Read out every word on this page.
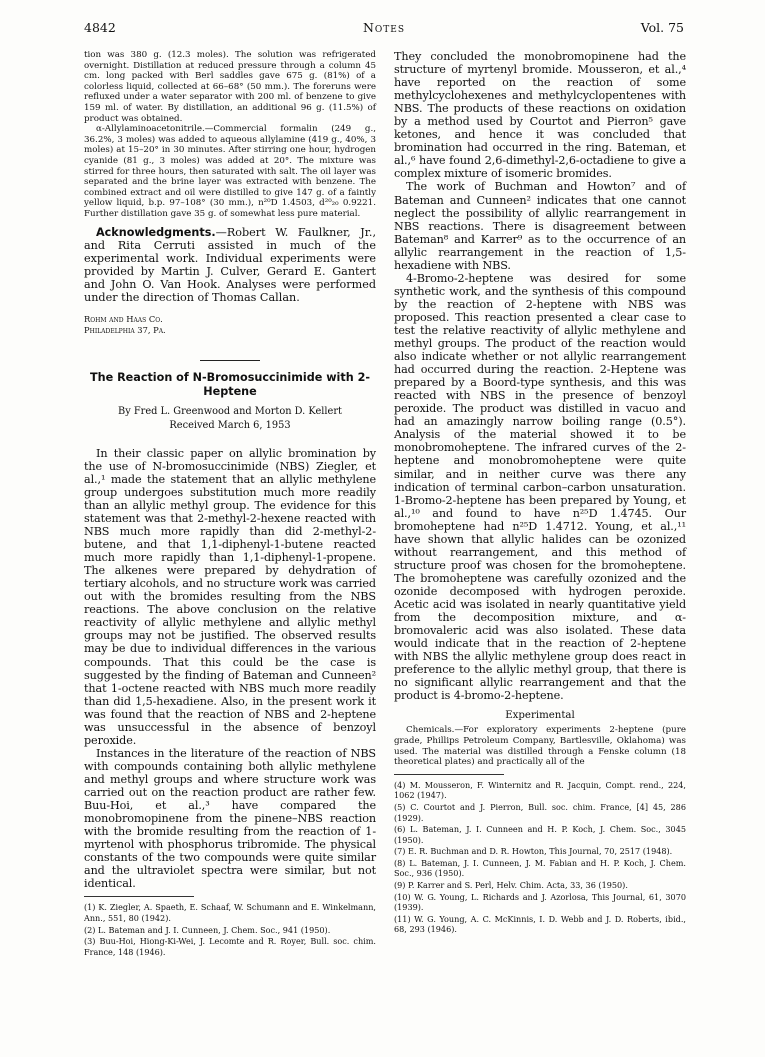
4842	Notes	Vol. 75

tion was 380 g. (12.3 moles). The solution was refrigerated overnight. Distillation at reduced pressure through a column 45 cm. long packed with Berl saddles gave 675 g. (81%) of a colorless liquid, collected at 66–68° (50 mm.). The foreruns were refluxed under a water separator with 200 ml. of benzene to give 159 ml. of water. By distillation, an additional 96 g. (11.5%) of product was obtained.

α-Allylaminoacetonitrile.—Commercial formalin (249 g., 36.2%, 3 moles) was added to aqueous allylamine (419 g., 40%, 3 moles) at 15–20° in 30 minutes. After stirring one hour, hydrogen cyanide (81 g., 3 moles) was added at 20°. The mixture was stirred for three hours, then saturated with salt. The oil layer was separated and the brine layer was extracted with benzene. The combined extract and oil were distilled to give 147 g. of a faintly yellow liquid, b.p. 97–108° (30 mm.), n²⁰D 1.4503, d²⁰₂₀ 0.9221. Further distillation gave 35 g. of somewhat less pure material.

Acknowledgments.—Robert W. Faulkner, Jr., and Rita Cerruti assisted in much of the experimental work. Individual experiments were provided by Martin J. Culver, Gerard E. Gantert and John O. Van Hook. Analyses were performed under the direction of Thomas Callan.

Rohm and Haas Co.
Philadelphia 37, Pa.
The Reaction of N-Bromosuccinimide with 2-Heptene
By Fred L. Greenwood and Morton D. Kellert
Received March 6, 1953

In their classic paper on allylic bromination by the use of N-bromosuccinimide (NBS) Ziegler, et al.,¹ made the statement that an allylic methylene group undergoes substitution much more readily than an allylic methyl group. The evidence for this statement was that 2-methyl-2-hexene reacted with NBS much more rapidly than did 2-methyl-2-butene, and that 1,1-diphenyl-1-butene reacted much more rapidly than 1,1-diphenyl-1-propene. The alkenes were prepared by dehydration of tertiary alcohols, and no structure work was carried out with the bromides resulting from the NBS reactions. The above conclusion on the relative reactivity of allylic methylene and allylic methyl groups may not be justified. The observed results may be due to individual differences in the various compounds. That this could be the case is suggested by the finding of Bateman and Cunneen² that 1-octene reacted with NBS much more readily than did 1,5-hexadiene. Also, in the present work it was found that the reaction of NBS and 2-heptene was unsuccessful in the absence of benzoyl peroxide.

Instances in the literature of the reaction of NBS with compounds containing both allylic methylene and methyl groups and where structure work was carried out on the reaction product are rather few. Buu-Hoi, et al.,³ have compared the monobromopinene from the pinene–NBS reaction with the bromide resulting from the reaction of 1-myrtenol with phosphorus tribromide. The physical constants of the two compounds were quite similar and the ultraviolet spectra were similar, but not identical.

(1) K. Ziegler, A. Spaeth, E. Schaaf, W. Schumann and E. Winkelmann, Ann., 551, 80 (1942).

(2) L. Bateman and J. I. Cunneen, J. Chem. Soc., 941 (1950).

(3) Buu-Hoi, Hiong-Ki-Wei, J. Lecomte and R. Royer, Bull. soc. chim. France, 148 (1946).

They concluded the monobromopinene had the structure of myrtenyl bromide. Mousseron, et al.,⁴ have reported on the reaction of some methylcyclohexenes and methylcyclopentenes with NBS. The products of these reactions on oxidation by a method used by Courtot and Pierron⁵ gave ketones, and hence it was concluded that bromination had occurred in the ring. Bateman, et al.,⁶ have found 2,6-dimethyl-2,6-octadiene to give a complex mixture of isomeric bromides.

The work of Buchman and Howton⁷ and of Bateman and Cunneen² indicates that one cannot neglect the possibility of allylic rearrangement in NBS reactions. There is disagreement between Bateman⁸ and Karrer⁹ as to the occurrence of an allylic rearrangement in the reaction of 1,5-hexadiene with NBS.

4-Bromo-2-heptene was desired for some synthetic work, and the synthesis of this compound by the reaction of 2-heptene with NBS was proposed. This reaction presented a clear case to test the relative reactivity of allylic methylene and methyl groups. The product of the reaction would also indicate whether or not allylic rearrangement had occurred during the reaction. 2-Heptene was prepared by a Boord-type synthesis, and this was reacted with NBS in the presence of benzoyl peroxide. The product was distilled in vacuo and had an amazingly narrow boiling range (0.5°). Analysis of the material showed it to be monobromoheptene. The infrared curves of the 2-heptene and monobromoheptene were quite similar, and in neither curve was there any indication of terminal carbon–carbon unsaturation. 1-Bromo-2-heptene has been prepared by Young, et al.,¹⁰ and found to have n²⁵D 1.4745. Our bromoheptene had n²⁵D 1.4712. Young, et al.,¹¹ have shown that allylic halides can be ozonized without rearrangement, and this method of structure proof was chosen for the bromoheptene. The bromoheptene was carefully ozonized and the ozonide decomposed with hydrogen peroxide. Acetic acid was isolated in nearly quantitative yield from the decomposition mixture, and α-bromovaleric acid was also isolated. These data would indicate that in the reaction of 2-heptene with NBS the allylic methylene group does react in preference to the allylic methyl group, that there is no significant allylic rearrangement and that the product is 4-bromo-2-heptene.

Experimental

Chemicals.—For exploratory experiments 2-heptene (pure grade, Phillips Petroleum Company, Bartlesville, Oklahoma) was used. The material was distilled through a Fenske column (18 theoretical plates) and practically all of the

(4) M. Mousseron, F. Winternitz and R. Jacquin, Compt. rend., 224, 1062 (1947).

(5) C. Courtot and J. Pierron, Bull. soc. chim. France, [4] 45, 286 (1929).

(6) L. Bateman, J. I. Cunneen and H. P. Koch, J. Chem. Soc., 3045 (1950).

(7) E. R. Buchman and D. R. Howton, This Journal, 70, 2517 (1948).

(8) L. Bateman, J. I. Cunneen, J. M. Fabian and H. P. Koch, J. Chem. Soc., 936 (1950).

(9) P. Karrer and S. Perl, Helv. Chim. Acta, 33, 36 (1950).

(10) W. G. Young, L. Richards and J. Azorlosa, This Journal, 61, 3070 (1939).

(11) W. G. Young, A. C. McKinnis, I. D. Webb and J. D. Roberts, ibid., 68, 293 (1946).
